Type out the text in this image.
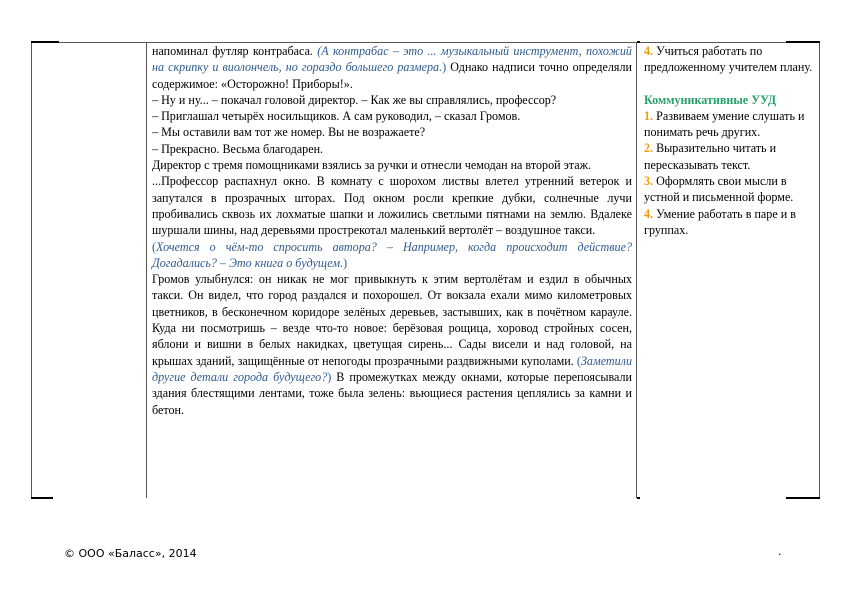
напоминал футляр контрабаса. (А контрабас – это ... музыкальный инструмент, похожий на скрипку и виолончель, но гораздо большего размера.) Однако надписи точно определяли содержимое: «Осторожно! Приборы!».

– Ну и ну... – покачал головой директор. – Как же вы справлялись, профессор?

– Приглашал четырёх носильщиков. А сам руководил, – сказал Громов.

– Мы оставили вам тот же номер. Вы не возражаете?

– Прекрасно. Весьма благодарен.

Директор с тремя помощниками взялись за ручки и отнесли чемодан на второй этаж.

...Профессор распахнул окно. В комнату с шорохом листвы влетел утренний ветерок и запутался в прозрачных шторах. Под окном росли крепкие дубки, солнечные лучи пробивались сквозь их лохматые шапки и ложились светлыми пятнами на землю. Вдалеке шуршали шины, над деревьями прострекотал маленький вертолёт – воздушное такси.

(Хочется о чём-то спросить автора? – Например, когда происходит действие? Догадались? – Это книга о будущем.)

Громов улыбнулся: он никак не мог привыкнуть к этим вертолётам и ездил в обычных такси. Он видел, что город раздался и похорошел. От вокзала ехали мимо километровых цветников, в бесконечном коридоре зелёных деревьев, застывших, как в почётном карауле. Куда ни посмотришь – везде что-то новое: берёзовая рощица, хоровод стройных сосен, яблони и вишни в белых накидках, цветущая сирень... Сады висели и над головой, на крышах зданий, защищённые от непогоды прозрачными раздвижными куполами. (Заметили другие детали города будущего?) В промежутках между окнами, которые перепоясывали здания блестящими лентами, тоже была зелень: вьющиеся растения цеплялись за камни и бетон.

4. Учиться работать по предложенному учителем плану.

Коммуникативные УУД

1. Развиваем умение слушать и понимать речь других.

2. Выразительно читать и пересказывать текст.

3. Оформлять свои мысли в устной и письменной форме.

4. Умение работать в паре и в группах.

© ООО «Баласс», 2014	.
